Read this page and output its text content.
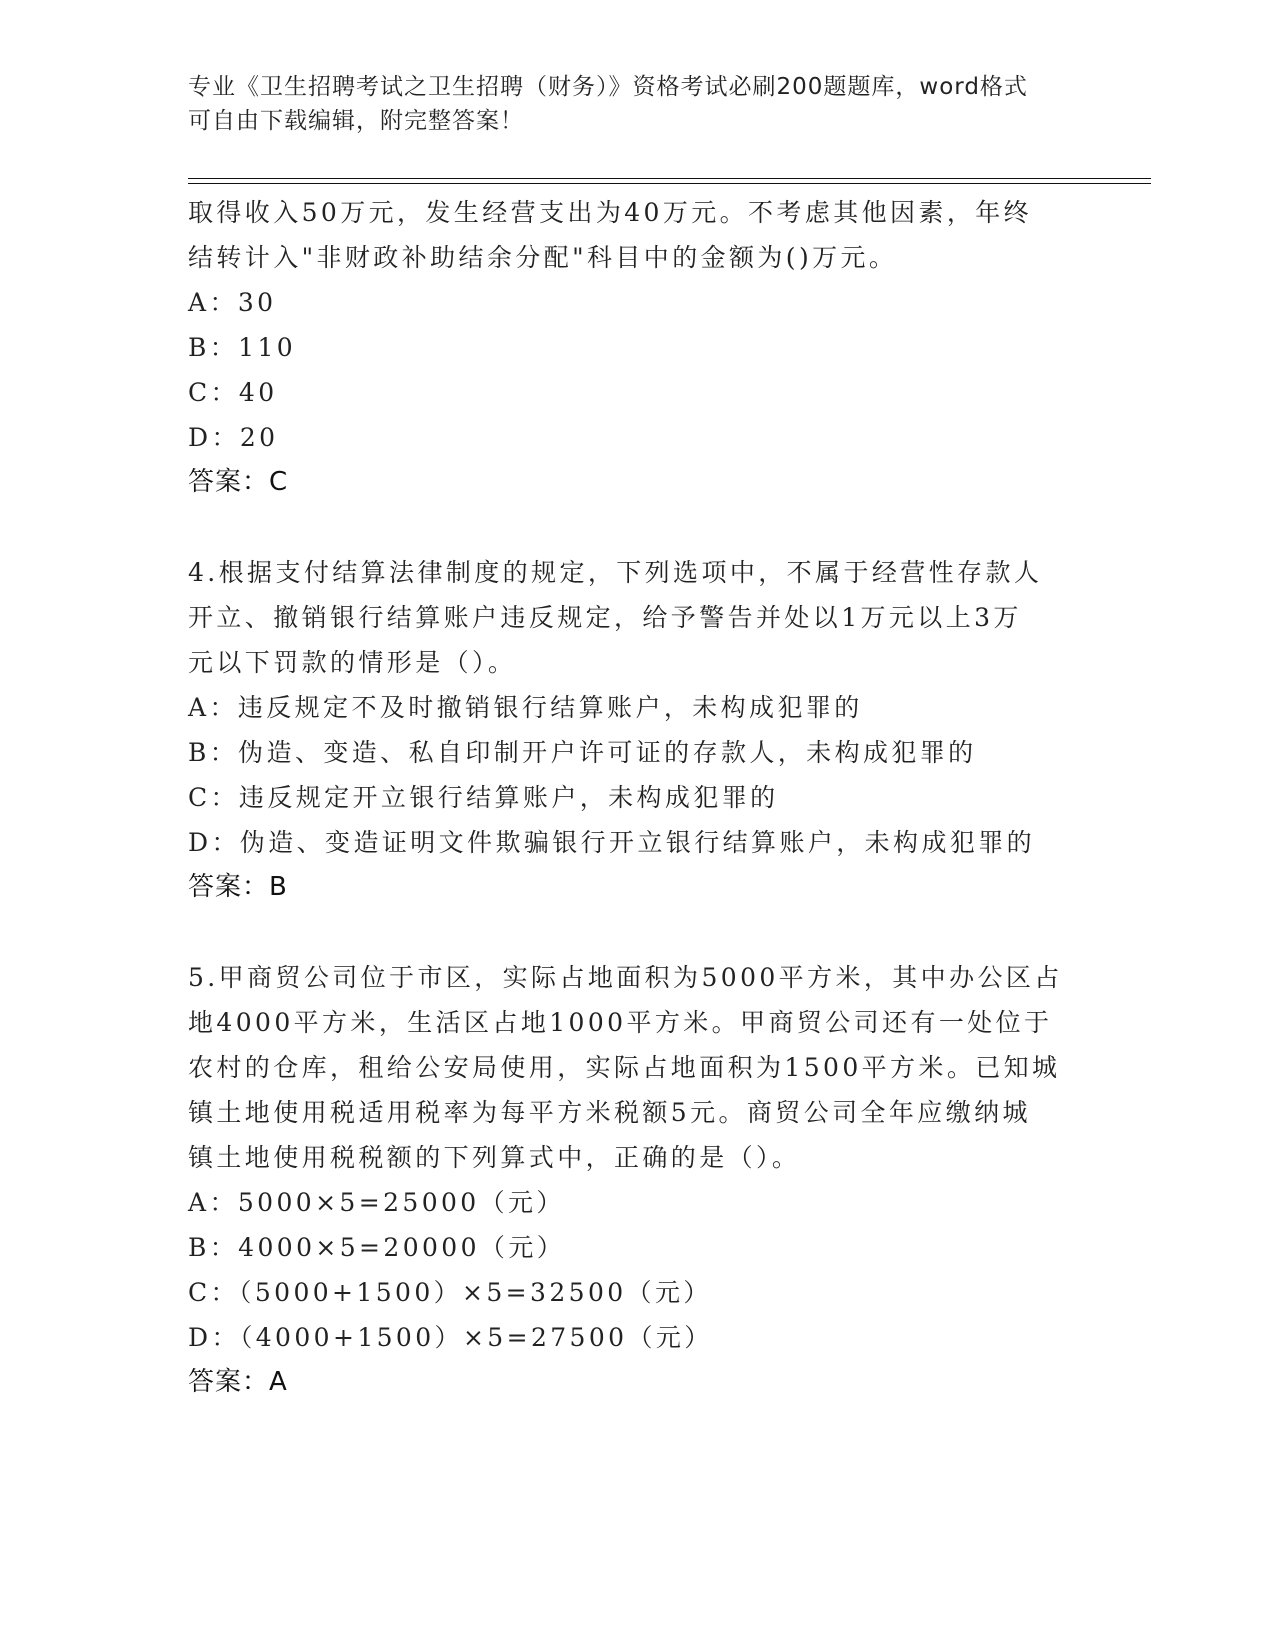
专业《卫生招聘考试之卫生招聘（财务）》资格考试必刷200题题库，word格式
可自由下载编辑，附完整答案！
取得收入50万元，发生经营支出为40万元。不考虑其他因素，年终
结转计入"非财政补助结余分配"科目中的金额为()万元。
A：30
B：110
C：40
D：20
答案：C
4.根据支付结算法律制度的规定，下列选项中，不属于经营性存款人
开立、撤销银行结算账户违反规定，给予警告并处以1万元以上3万
元以下罚款的情形是（）。
A：违反规定不及时撤销银行结算账户，未构成犯罪的
B：伪造、变造、私自印制开户许可证的存款人，未构成犯罪的
C：违反规定开立银行结算账户，未构成犯罪的
D：伪造、变造证明文件欺骗银行开立银行结算账户，未构成犯罪的
答案：B
5.甲商贸公司位于市区，实际占地面积为5000平方米，其中办公区占
地4000平方米，生活区占地1000平方米。甲商贸公司还有一处位于
农村的仓库，租给公安局使用，实际占地面积为1500平方米。已知城
镇土地使用税适用税率为每平方米税额5元。商贸公司全年应缴纳城
镇土地使用税税额的下列算式中，正确的是（）。
A：5000×5=25000（元）
B：4000×5=20000（元）
C：（5000+1500）×5=32500（元）
D：（4000+1500）×5=27500（元）
答案：A
